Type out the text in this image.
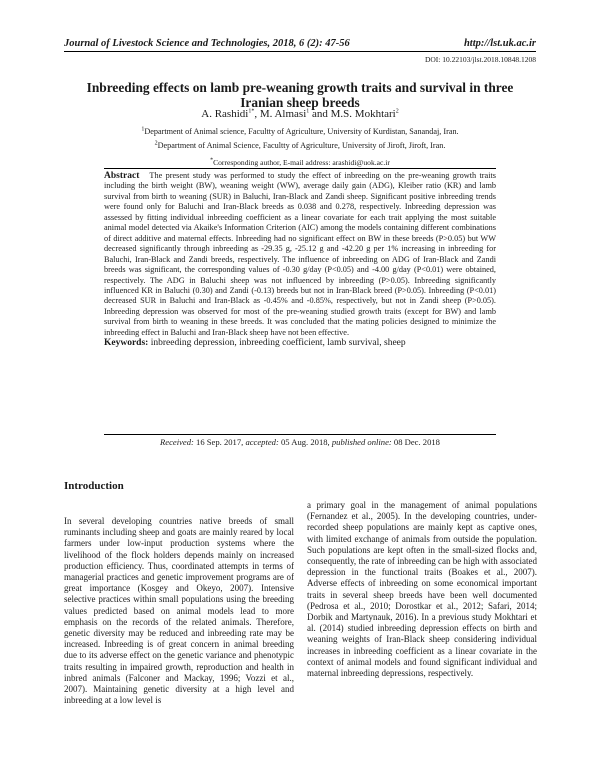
Journal of Livestock Science and Technologies, 2018, 6 (2): 47-56	http://lst.uk.ac.ir
DOI: 10.22103/jlst.2018.10848.1208
Inbreeding effects on lamb pre-weaning growth traits and survival in three Iranian sheep breeds
A. Rashidi$^{1*}$, M. Almasi$^1$ and M.S. Mokhtari$^2$
$^1$Department of Animal science, Facultty of Agriculture, University of Kurdistan, Sanandaj, Iran.
$^2$Department of Animal Science, Facultty of Agriculture, University of Jiroft, Jiroft, Iran.
*Corresponding author, E-mail address: arashidi@uok.ac.ir
Abstract The present study was performed to study the effect of inbreeding on the pre-weaning growth traits including the birth weight (BW), weaning weight (WW), average daily gain (ADG), Kleiber ratio (KR) and lamb survival from birth to weaning (SUR) in Baluchi, Iran-Black and Zandi sheep. Significant positive inbreeding trends were found only for Baluchi and Iran-Black breeds as 0.038 and 0.278, respectively. Inbreeding depression was assessed by fitting individual inbreeding coefficient as a linear covariate for each trait applying the most suitable animal model detected via Akaike's Information Criterion (AIC) among the models containing different combinations of direct additive and maternal effects. Inbreeding had no significant effect on BW in these breeds (P>0.05) but WW decreased significantly through inbreeding as -29.35 g, -25.12 g and -42.20 g per 1% increasing in inbreeding for Baluchi, Iran-Black and Zandi breeds, respectively. The influence of inbreeding on ADG of Iran-Black and Zandi breeds was significant, the corresponding values of -0.30 g/day (P<0.05) and -4.00 g/day (P<0.01) were obtained, respectively. The ADG in Baluchi sheep was not influenced by inbreeding (P>0.05). Inbreeding significantly influenced KR in Baluchi (0.30) and Zandi (-0.13) breeds but not in Iran-Black breed (P>0.05). Inbreeding (P<0.01) decreased SUR in Baluchi and Iran-Black as -0.45% and -0.85%, respectively, but not in Zandi sheep (P>0.05). Inbreeding depression was observed for most of the pre-weaning studied growth traits (except for BW) and lamb survival from birth to weaning in these breeds. It was concluded that the mating policies designed to minimize the inbreeding effect in Baluchi and Iran-Black sheep have not been effective.
Keywords: inbreeding depression, inbreeding coefficient, lamb survival, sheep
Received: 16 Sep. 2017, accepted: 05 Aug. 2018, published online: 08 Dec. 2018
Introduction

In several developing countries native breeds of small ruminants including sheep and goats are mainly reared by local farmers under low-input production systems where the livelihood of the flock holders depends mainly on increased production efficiency. Thus, coordinated attempts in terms of managerial practices and genetic improvement programs are of great importance (Kosgey and Okeyo, 2007). Intensive selective practices within small populations using the breeding values predicted based on animal models lead to more emphasis on the records of the related animals. Therefore, genetic diversity may be reduced and inbreeding rate may be increased. Inbreeding is of great concern in animal breeding due to its adverse effect on the genetic variance and phenotypic traits resulting in impaired growth, reproduction and health in inbred animals (Falconer and Mackay, 1996; Vozzi et al., 2007). Maintaining genetic diversity at a high level and inbreeding at a low level is

a primary goal in the management of animal populations (Fernandez et al., 2005). In the developing countries, under-recorded sheep populations are mainly kept as captive ones, with limited exchange of animals from outside the population. Such populations are kept often in the small-sized flocks and, consequently, the rate of inbreeding can be high with associated depression in the functional traits (Boakes et al., 2007). Adverse effects of inbreeding on some economical important traits in several sheep breeds have been well documented (Pedrosa et al., 2010; Dorostkar et al., 2012; Safari, 2014; Dorbik and Martynauk, 2016). In a previous study Mokhtari et al. (2014) studied inbreeding depression effects on birth and weaning weights of Iran-Black sheep considering individual increases in inbreeding coefficient as a linear covariate in the context of animal models and found significant individual and maternal inbreeding depressions, respectively.
